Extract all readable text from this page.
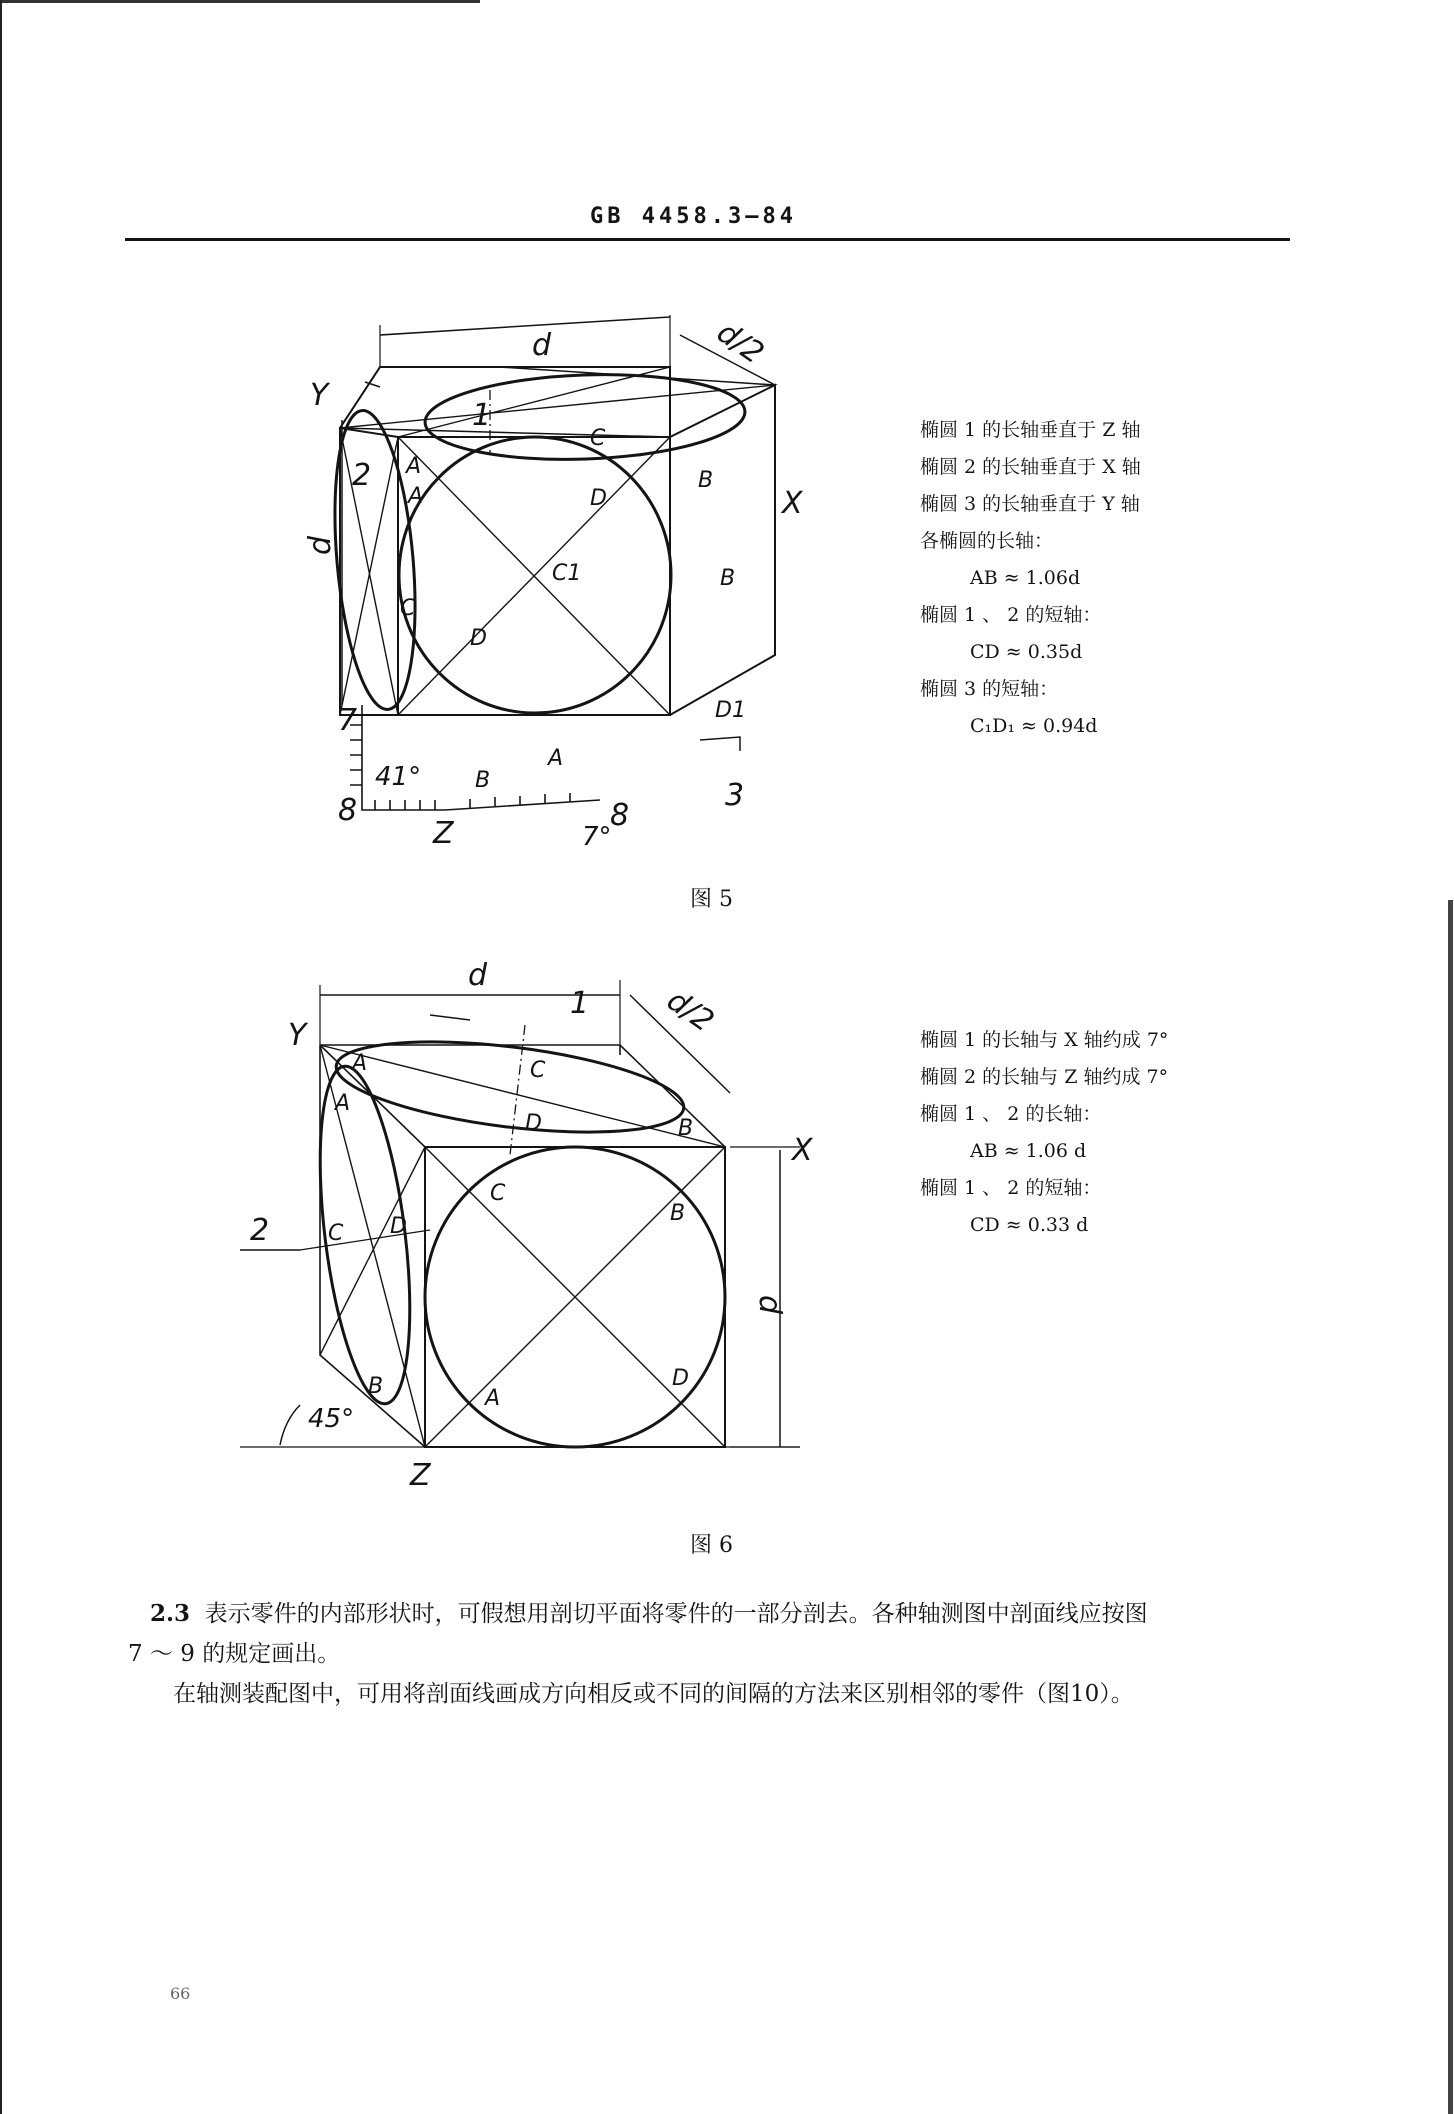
GB 4458.3—84
d	d/2
d
Y
X
Z
1
2
3
7
8	8
41°
7°
A
A
A
B
B
B
C
C
D
D
C1
D1
椭圆 1 的长轴垂直于 Z 轴
椭圆 2 的长轴垂直于 X 轴
椭圆 3 的长轴垂直于 Y 轴
各椭圆的长轴：
AB ≈ 1.06d
椭圆 1 、 2 的短轴：
CD ≈ 0.35d
椭圆 3 的短轴：
C₁D₁ ≈ 0.94d
图 5
d
d/2
d
Y
X
Z
1
2
45°
A
A
A
B
B
B
C
C
C
D
D
D
椭圆 1 的长轴与 X 轴约成 7°
椭圆 2 的长轴与 Z 轴约成 7°
椭圆 1 、 2 的长轴：
AB ≈ 1.06 d
椭圆 1 、 2 的短轴：
CD ≈ 0.33 d
图 6
2.3 表示零件的内部形状时，可假想用剖切平面将零件的一部分剖去。各种轴测图中剖面线应按图
7 ～ 9 的规定画出。
在轴测装配图中，可用将剖面线画成方向相反或不同的间隔的方法来区别相邻的零件（图10）。
66
